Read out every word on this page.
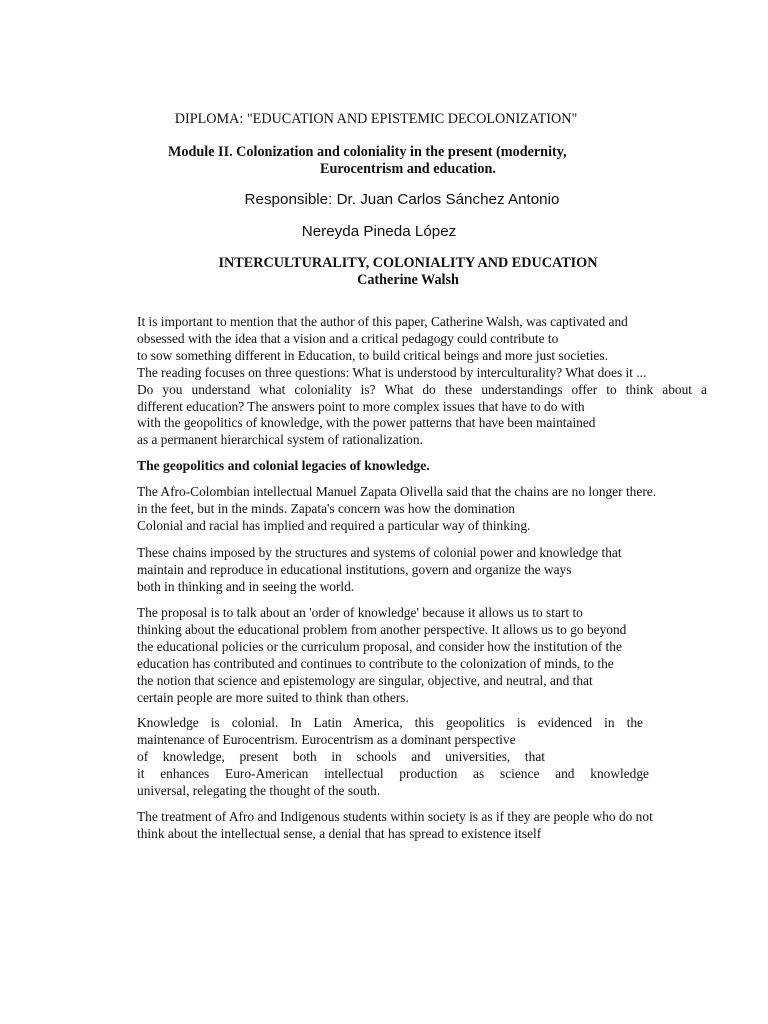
DIPLOMA: "EDUCATION AND EPISTEMIC DECOLONIZATION"
Module II. Colonization and coloniality in the present (modernity,
Eurocentrism and education.
Responsible: Dr. Juan Carlos Sánchez Antonio
Nereyda Pineda López
INTERCULTURALITY, COLONIALITY AND EDUCATION
Catherine Walsh
It is important to mention that the author of this paper, Catherine Walsh, was captivated and
obsessed with the idea that a vision and a critical pedagogy could contribute to
to sow something different in Education, to build critical beings and more just societies.
The reading focuses on three questions: What is understood by interculturality? What does it ...
Do you understand what coloniality is? What do these understandings offer to think about a
different education? The answers point to more complex issues that have to do with
with the geopolitics of knowledge, with the power patterns that have been maintained
as a permanent hierarchical system of rationalization.
The geopolitics and colonial legacies of knowledge.
The Afro-Colombian intellectual Manuel Zapata Olivella said that the chains are no longer there.
in the feet, but in the minds. Zapata's concern was how the domination
Colonial and racial has implied and required a particular way of thinking.
These chains imposed by the structures and systems of colonial power and knowledge that
maintain and reproduce in educational institutions, govern and organize the ways
both in thinking and in seeing the world.
The proposal is to talk about an 'order of knowledge' because it allows us to start to
thinking about the educational problem from another perspective. It allows us to go beyond
the educational policies or the curriculum proposal, and consider how the institution of the
education has contributed and continues to contribute to the colonization of minds, to the
the notion that science and epistemology are singular, objective, and neutral, and that
certain people are more suited to think than others.
Knowledge is colonial. In Latin America, this geopolitics is evidenced in the
maintenance of Eurocentrism. Eurocentrism as a dominant perspective
of knowledge, present both in schools and universities, that
it enhances Euro-American intellectual production as science and knowledge
universal, relegating the thought of the south.
The treatment of Afro and Indigenous students within society is as if they are people who do not
think about the intellectual sense, a denial that has spread to existence itself
